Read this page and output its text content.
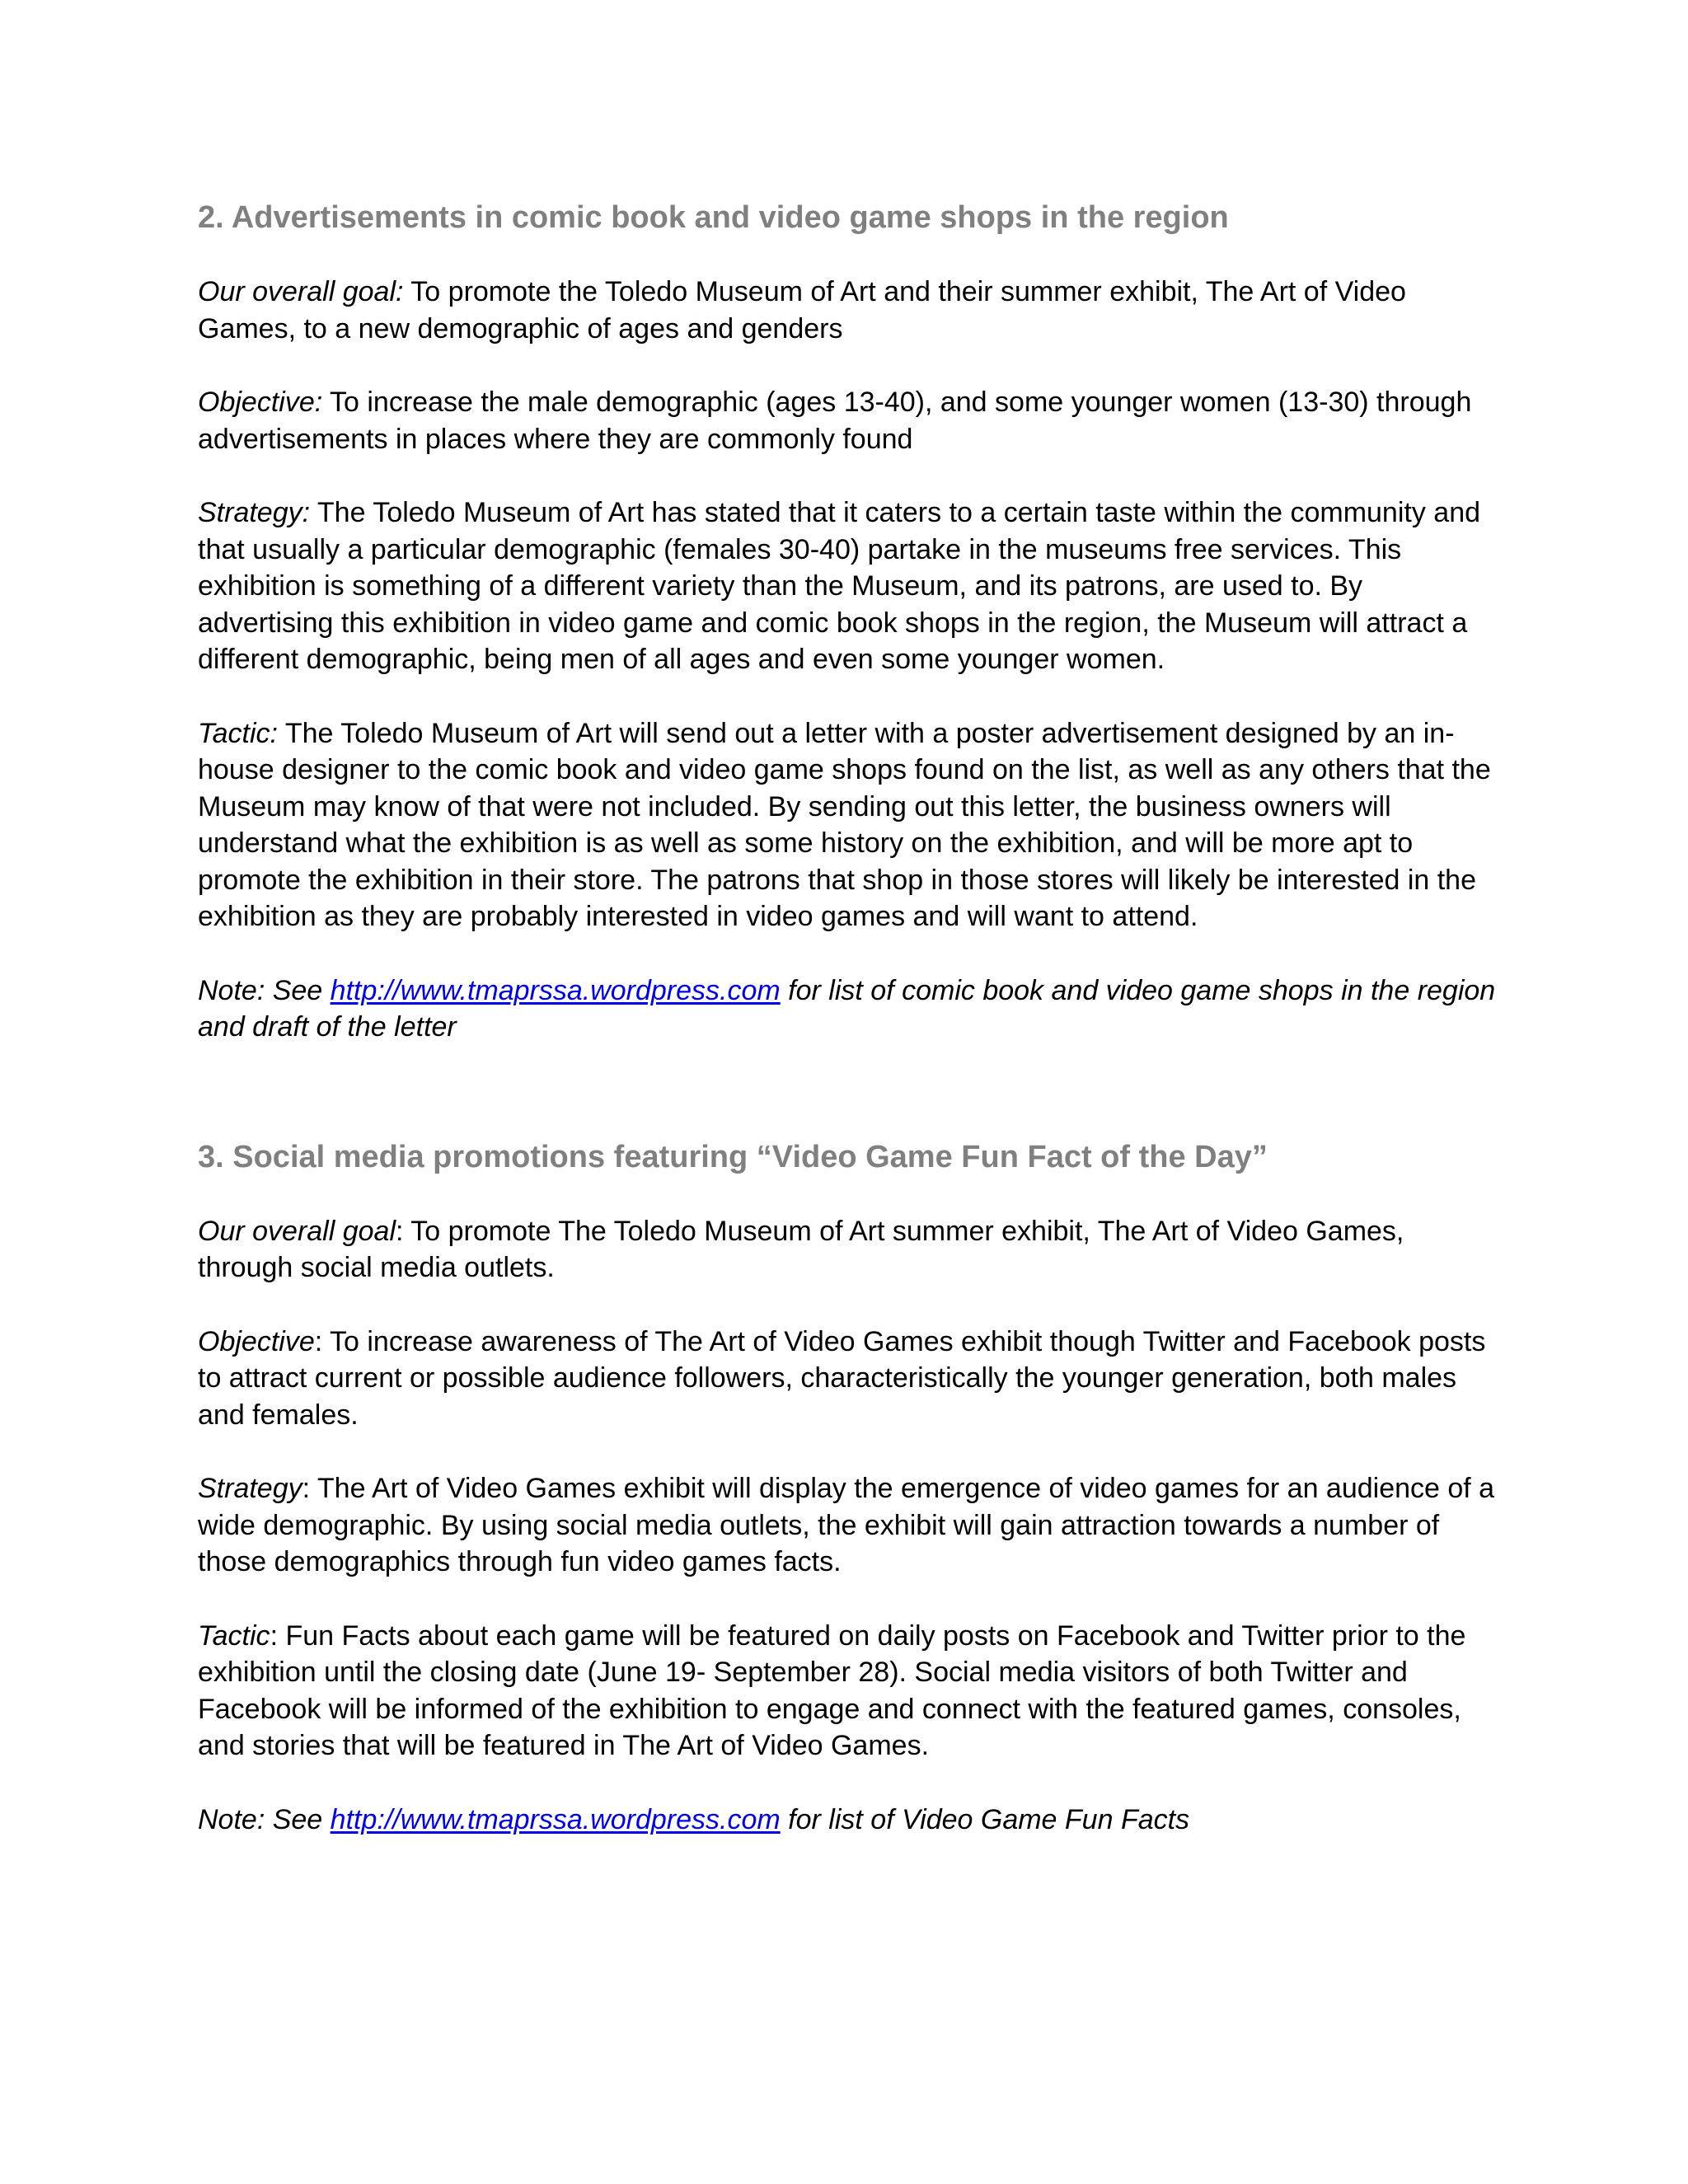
2. Advertisements in comic book and video game shops in the region

Our overall goal: To promote the Toledo Museum of Art and their summer exhibit, The Art of Video Games, to a new demographic of ages and genders

Objective: To increase the male demographic (ages 13-40), and some younger women (13-30) through advertisements in places where they are commonly found

Strategy: The Toledo Museum of Art has stated that it caters to a certain taste within the community and that usually a particular demographic (females 30-40) partake in the museums free services. This exhibition is something of a different variety than the Museum, and its patrons, are used to. By advertising this exhibition in video game and comic book shops in the region, the Museum will attract a different demographic, being men of all ages and even some younger women.

Tactic: The Toledo Museum of Art will send out a letter with a poster advertisement designed by an in-house designer to the comic book and video game shops found on the list, as well as any others that the Museum may know of that were not included. By sending out this letter, the business owners will understand what the exhibition is as well as some history on the exhibition, and will be more apt to promote the exhibition in their store. The patrons that shop in those stores will likely be interested in the exhibition as they are probably interested in video games and will want to attend.

Note: See http://www.tmaprssa.wordpress.com for list of comic book and video game shops in the region and draft of the letter

3. Social media promotions featuring “Video Game Fun Fact of the Day”

Our overall goal: To promote The Toledo Museum of Art summer exhibit, The Art of Video Games, through social media outlets.

Objective: To increase awareness of The Art of Video Games exhibit though Twitter and Facebook posts to attract current or possible audience followers, characteristically the younger generation, both males and females.

Strategy: The Art of Video Games exhibit will display the emergence of video games for an audience of a wide demographic. By using social media outlets, the exhibit will gain attraction towards a number of those demographics through fun video games facts.

Tactic: Fun Facts about each game will be featured on daily posts on Facebook and Twitter prior to the exhibition until the closing date (June 19- September 28). Social media visitors of both Twitter and Facebook will be informed of the exhibition to engage and connect with the featured games, consoles, and stories that will be featured in The Art of Video Games.

Note: See http://www.tmaprssa.wordpress.com for list of Video Game Fun Facts
